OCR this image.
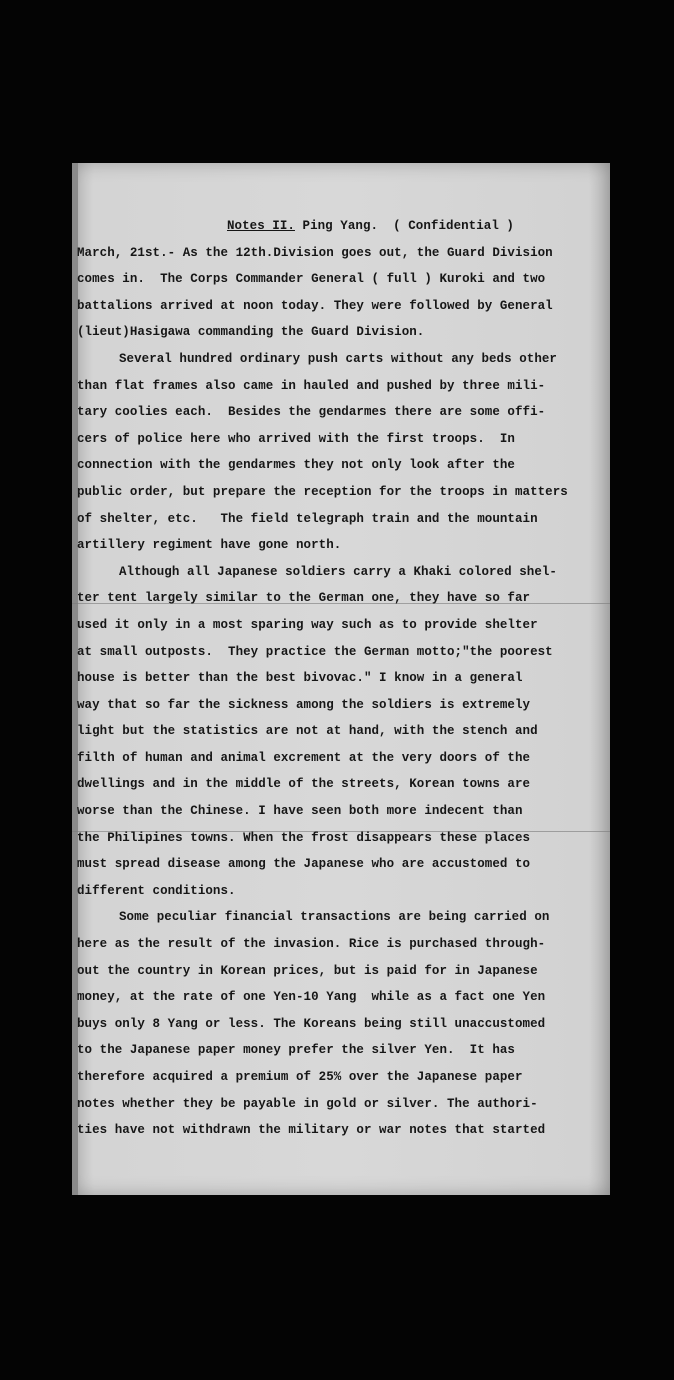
Notes II. Ping Yang. ( Confidential )
March, 21st.- As the 12th.Division goes out, the Guard Division
comes in.  The Corps Commander General ( full ) Kuroki and two
battalions arrived at noon today. They were followed by General
(lieut)Hasigawa commanding the Guard Division.
Several hundred ordinary push carts without any beds other
than flat frames also came in hauled and pushed by three mili-
tary coolies each.  Besides the gendarmes there are some offi-
cers of police here who arrived with the first troops.  In
connection with the gendarmes they not only look after the
public order, but prepare the reception for the troops in matters
of shelter, etc.   The field telegraph train and the mountain
artillery regiment have gone north.
Although all Japanese soldiers carry a Khaki colored shel-
ter tent largely similar to the German one, they have so far
used it only in a most sparing way such as to provide shelter
at small outposts.  They practice the German motto;"the poorest
house is better than the best bivovac." I know in a general
way that so far the sickness among the soldiers is extremely
light but the statistics are not at hand, with the stench and
filth of human and animal excrement at the very doors of the
dwellings and in the middle of the streets, Korean towns are
worse than the Chinese. I have seen both more indecent than
the Philipines towns. When the frost disappears these places
must spread disease among the Japanese who are accustomed to
different conditions.
Some peculiar financial transactions are being carried on
here as the result of the invasion. Rice is purchased through-
out the country in Korean prices, but is paid for in Japanese
money, at the rate of one Yen-10 Yang  while as a fact one Yen
buys only 8 Yang or less. The Koreans being still unaccustomed
to the Japanese paper money prefer the silver Yen.  It has
therefore acquired a premium of 25% over the Japanese paper
notes whether they be payable in gold or silver. The authori-
ties have not withdrawn the military or war notes that started
